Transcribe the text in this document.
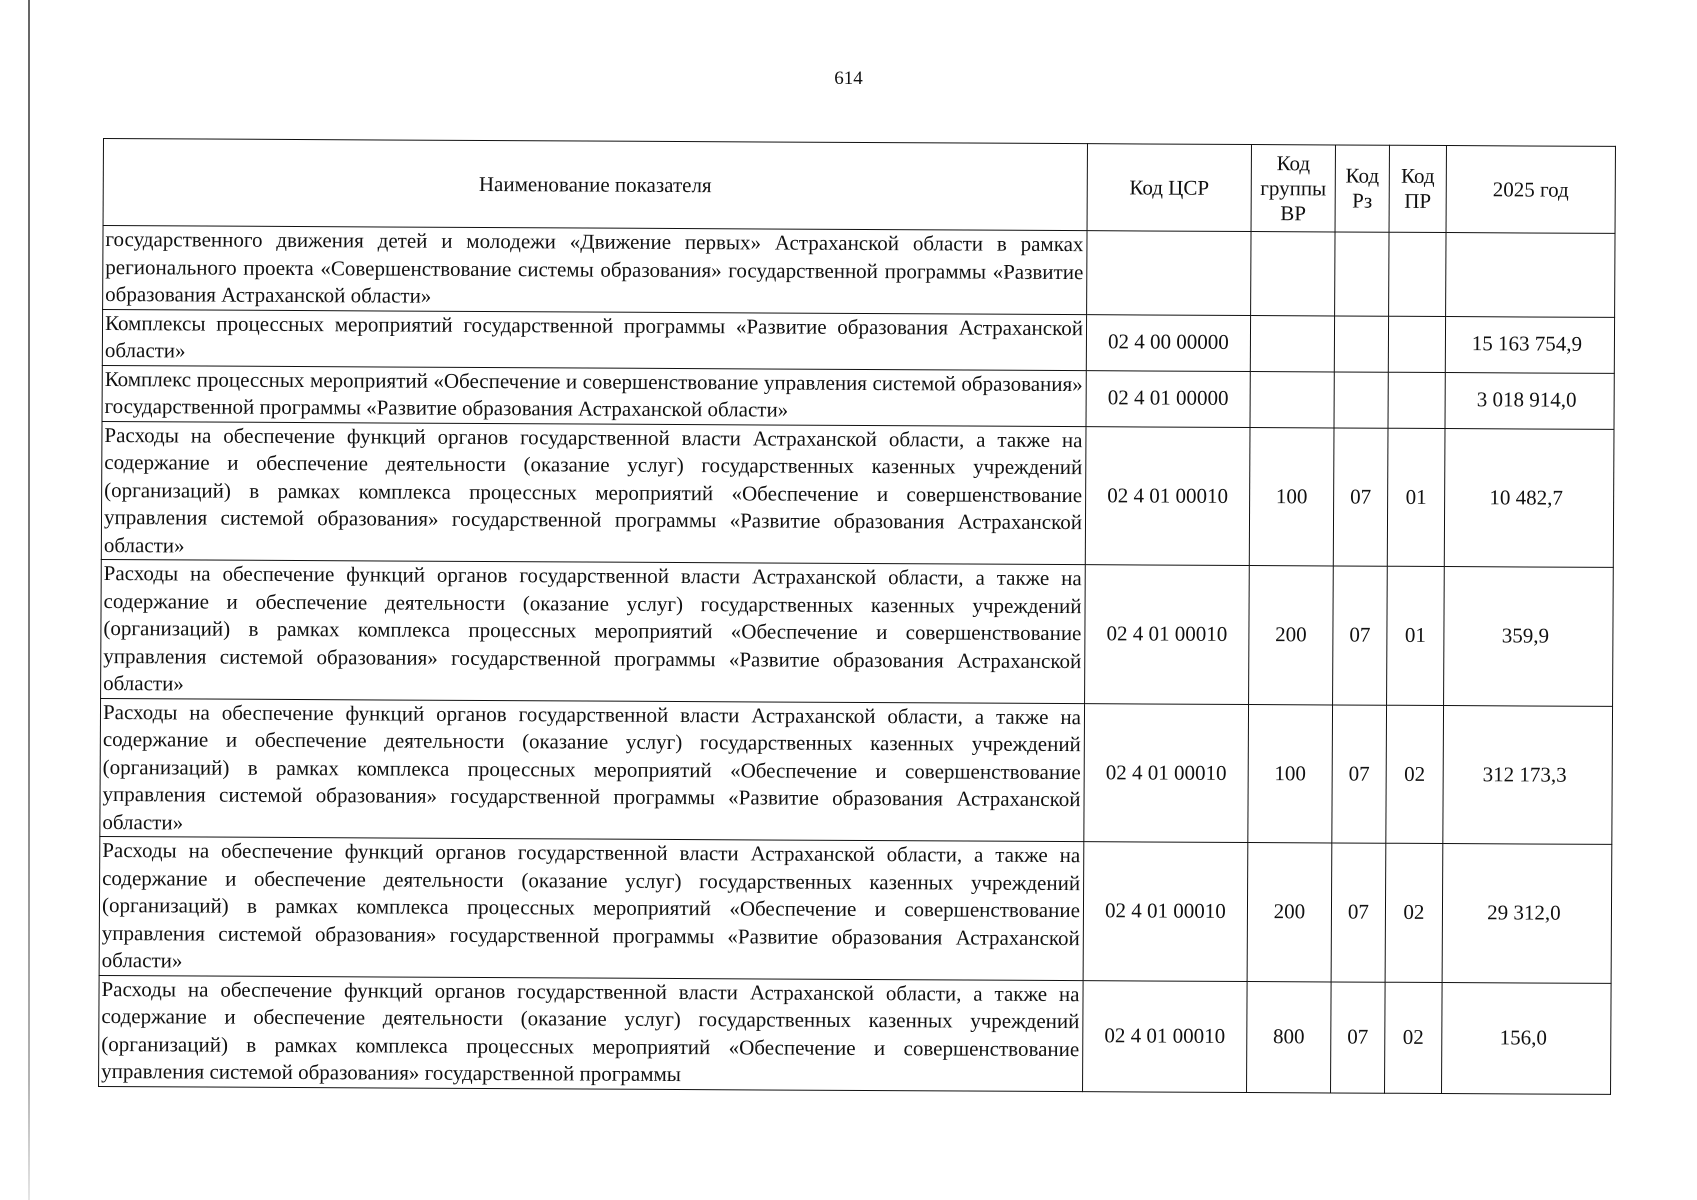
614
Наименование показателя	Код ЦСР	Код группы ВР	Код Рз	Код ПР	2025 год
государственного движения детей и молодежи «Движение первых» Астраханской области в рамках регионального проекта «Совершенствование системы образования» государственной программы «Развитие образования Астраханской области»					
Комплексы процессных мероприятий государственной программы «Развитие образования Астраханской области»	02 4 00 00000				15 163 754,9
Комплекс процессных мероприятий «Обеспечение и совершенствование управления системой образования» государственной программы «Развитие образования Астраханской области»	02 4 01 00000				3 018 914,0
Расходы на обеспечение функций органов государственной власти Астраханской области, а также на содержание и обеспечение деятельности (оказание услуг) государственных казенных учреждений (организаций) в рамках комплекса процессных мероприятий «Обеспечение и совершенствование управления системой образования» государственной программы «Развитие образования Астраханской области»	02 4 01 00010	100	07	01	10 482,7
Расходы на обеспечение функций органов государственной власти Астраханской области, а также на содержание и обеспечение деятельности (оказание услуг) государственных казенных учреждений (организаций) в рамках комплекса процессных мероприятий «Обеспечение и совершенствование управления системой образования» государственной программы «Развитие образования Астраханской области»	02 4 01 00010	200	07	01	359,9
Расходы на обеспечение функций органов государственной власти Астраханской области, а также на содержание и обеспечение деятельности (оказание услуг) государственных казенных учреждений (организаций) в рамках комплекса процессных мероприятий «Обеспечение и совершенствование управления системой образования» государственной программы «Развитие образования Астраханской области»	02 4 01 00010	100	07	02	312 173,3
Расходы на обеспечение функций органов государственной власти Астраханской области, а также на содержание и обеспечение деятельности (оказание услуг) государственных казенных учреждений (организаций) в рамках комплекса процессных мероприятий «Обеспечение и совершенствование управления системой образования» государственной программы «Развитие образования Астраханской области»	02 4 01 00010	200	07	02	29 312,0
Расходы на обеспечение функций органов государственной власти Астраханской области, а также на содержание и обеспечение деятельности (оказание услуг) государственных казенных учреждений (организаций) в рамках комплекса процессных мероприятий «Обеспечение и совершенствование управления системой образования» государственной программы	02 4 01 00010	800	07	02	156,0
